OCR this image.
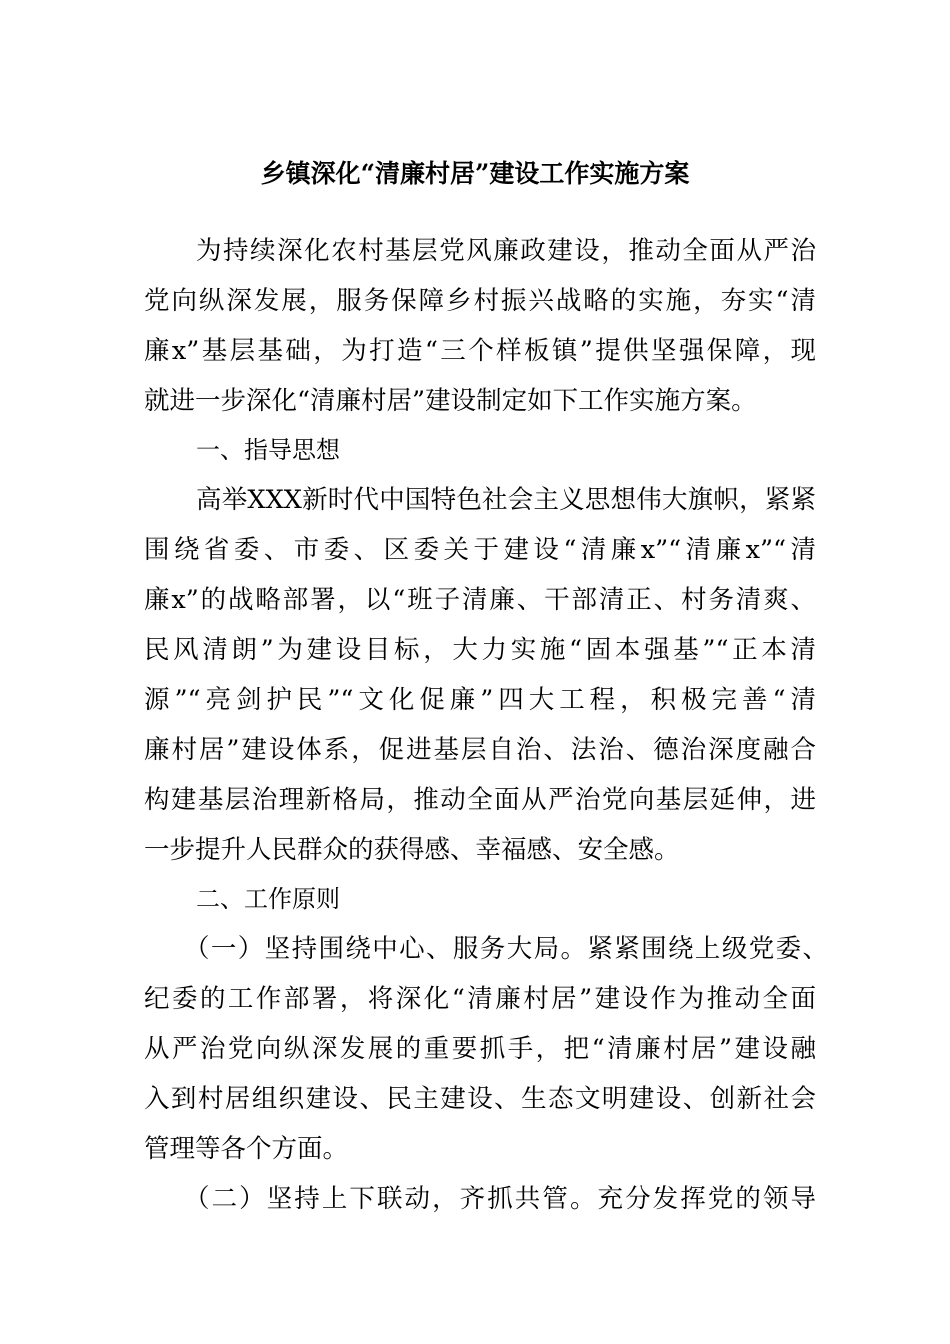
乡镇深化“清廉村居”建设工作实施方案
为持续深化农村基层党风廉政建设，推动全面从严治
党向纵深发展，服务保障乡村振兴战略的实施，夯实“清
廉x”基层基础，为打造“三个样板镇”提供坚强保障，现
就进一步深化“清廉村居”建设制定如下工作实施方案。
一、指导思想
高举XXX新时代中国特色社会主义思想伟大旗帜，紧紧
围绕省委、市委、区委关于建设“清廉x”“清廉x”“清
廉x”的战略部署，以“班子清廉、干部清正、村务清爽、
民风清朗”为建设目标，大力实施“固本强基”“正本清
源”“亮剑护民”“文化促廉”四大工程，积极完善“清
廉村居”建设体系，促进基层自治、法治、德治深度融合
构建基层治理新格局，推动全面从严治党向基层延伸，进
一步提升人民群众的获得感、幸福感、安全感。
二、工作原则
（一）坚持围绕中心、服务大局。紧紧围绕上级党委、
纪委的工作部署，将深化“清廉村居”建设作为推动全面
从严治党向纵深发展的重要抓手，把“清廉村居”建设融
入到村居组织建设、民主建设、生态文明建设、创新社会
管理等各个方面。
（二）坚持上下联动，齐抓共管。充分发挥党的领导
